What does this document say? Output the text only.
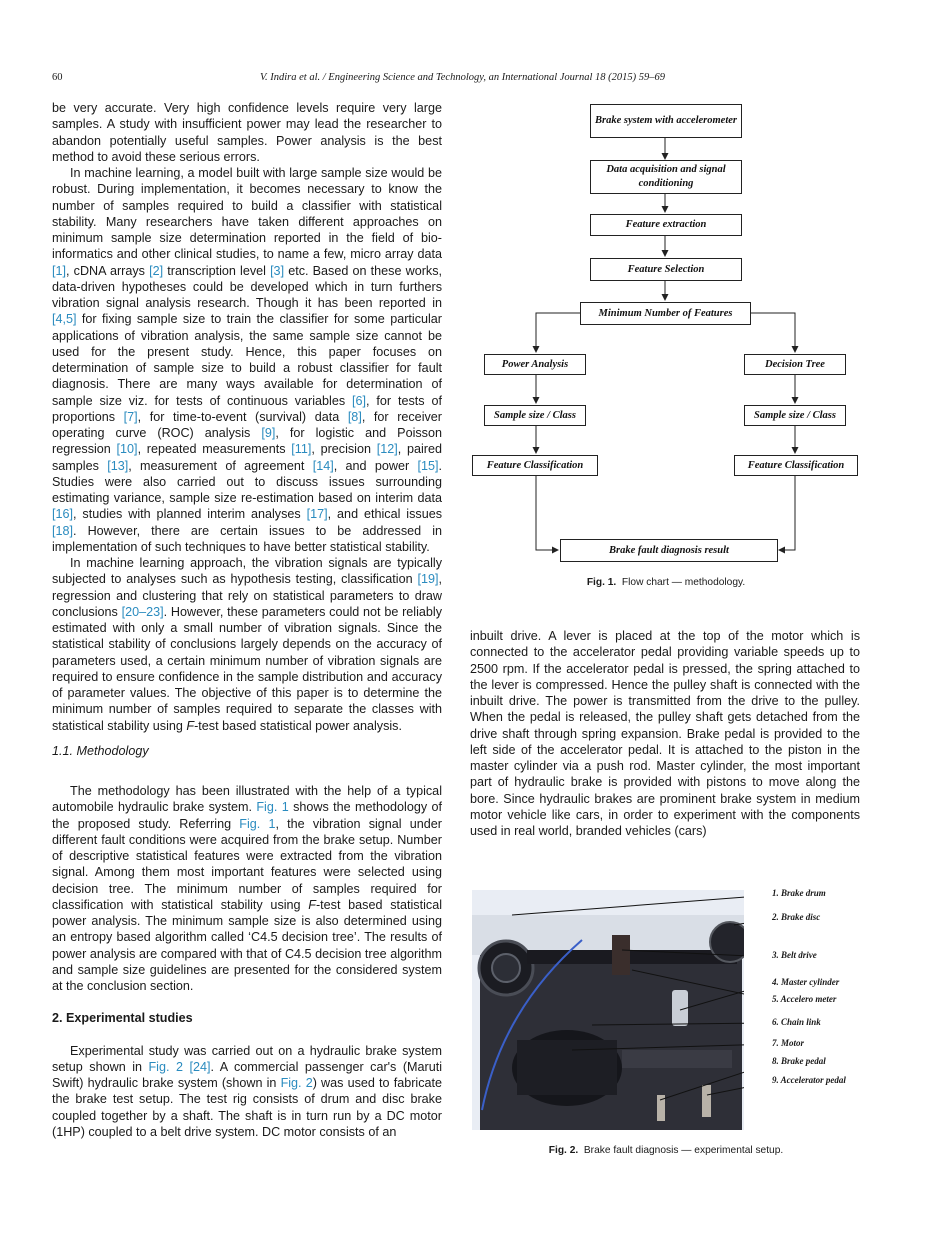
60	V. Indira et al. / Engineering Science and Technology, an International Journal 18 (2015) 59–69

be very accurate. Very high confidence levels require very large samples. A study with insufficient power may lead the researcher to abandon potentially useful samples. Power analysis is the best method to avoid these serious errors.

In machine learning, a model built with large sample size would be robust. During implementation, it becomes necessary to know the number of samples required to build a classifier with statistical stability. Many researchers have taken different approaches on minimum sample size determination reported in the field of bio-informatics and other clinical studies, to name a few, micro array data [1], cDNA arrays [2] transcription level [3] etc. Based on these works, data-driven hypotheses could be developed which in turn furthers vibration signal analysis research. Though it has been reported in [4,5] for fixing sample size to train the classifier for some particular applications of vibration analysis, the same sample size cannot be used for the present study. Hence, this paper focuses on determination of sample size to build a robust classifier for fault diagnosis. There are many ways available for determination of sample size viz. for tests of continuous variables [6], for tests of proportions [7], for time-to-event (survival) data [8], for receiver operating curve (ROC) analysis [9], for logistic and Poisson regression [10], repeated measurements [11], precision [12], paired samples [13], measurement of agreement [14], and power [15]. Studies were also carried out to discuss issues surrounding estimating variance, sample size re-estimation based on interim data [16], studies with planned interim analyses [17], and ethical issues [18]. However, there are certain issues to be addressed in implementation of such techniques to have better statistical stability.

In machine learning approach, the vibration signals are typically subjected to analyses such as hypothesis testing, classification [19], regression and clustering that rely on statistical parameters to draw conclusions [20–23]. However, these parameters could not be reliably estimated with only a small number of vibration signals. Since the statistical stability of conclusions largely depends on the accuracy of parameters used, a certain minimum number of vibration signals are required to ensure confidence in the sample distribution and accuracy of parameter values. The objective of this paper is to determine the minimum number of samples required to separate the classes with statistical stability using F-test based statistical power analysis.

1.1. Methodology

The methodology has been illustrated with the help of a typical automobile hydraulic brake system. Fig. 1 shows the methodology of the proposed study. Referring Fig. 1, the vibration signal under different fault conditions were acquired from the brake setup. Number of descriptive statistical features were extracted from the vibration signal. Among them most important features were selected using decision tree. The minimum number of samples required for classification with statistical stability using F-test based statistical power analysis. The minimum sample size is also determined using an entropy based algorithm called ‘C4.5 decision tree’. The results of power analysis are compared with that of C4.5 decision tree algorithm and sample size guidelines are presented for the considered system at the conclusion section.

2. Experimental studies

Experimental study was carried out on a hydraulic brake system setup shown in Fig. 2 [24]. A commercial passenger car's (Maruti Swift) hydraulic brake system (shown in Fig. 2) was used to fabricate the brake test setup. The test rig consists of drum and disc brake coupled together by a shaft. The shaft is in turn run by a DC motor (1HP) coupled to a belt drive system. DC motor consists of an

Brake system with accelerometer
Data acquisition and signal conditioning
Feature extraction
Feature Selection
Minimum Number of Features
Power Analysis	Decision Tree
Sample size / Class	Sample size / Class
Feature Classification	Feature Classification
Brake fault diagnosis result
Fig. 1. Flow chart — methodology.

inbuilt drive. A lever is placed at the top of the motor which is connected to the accelerator pedal providing variable speeds up to 2500 rpm. If the accelerator pedal is pressed, the spring attached to the lever is compressed. Hence the pulley shaft is connected with the inbuilt drive. The power is transmitted from the drive to the pulley. When the pedal is released, the pulley shaft gets detached from the drive shaft through spring expansion. Brake pedal is provided to the left side of the accelerator pedal. It is attached to the piston in the master cylinder via a push rod. Master cylinder, the most important part of hydraulic brake is provided with pistons to move along the bore. Since hydraulic brakes are prominent brake system in medium motor vehicle like cars, in order to experiment with the components used in real world, branded vehicles (cars)

1. Brake drum
2. Brake disc
3. Belt drive
4. Master cylinder
5. Accelero meter
6. Chain link
7. Motor
8. Brake pedal
9. Accelerator pedal
Fig. 2. Brake fault diagnosis — experimental setup.
